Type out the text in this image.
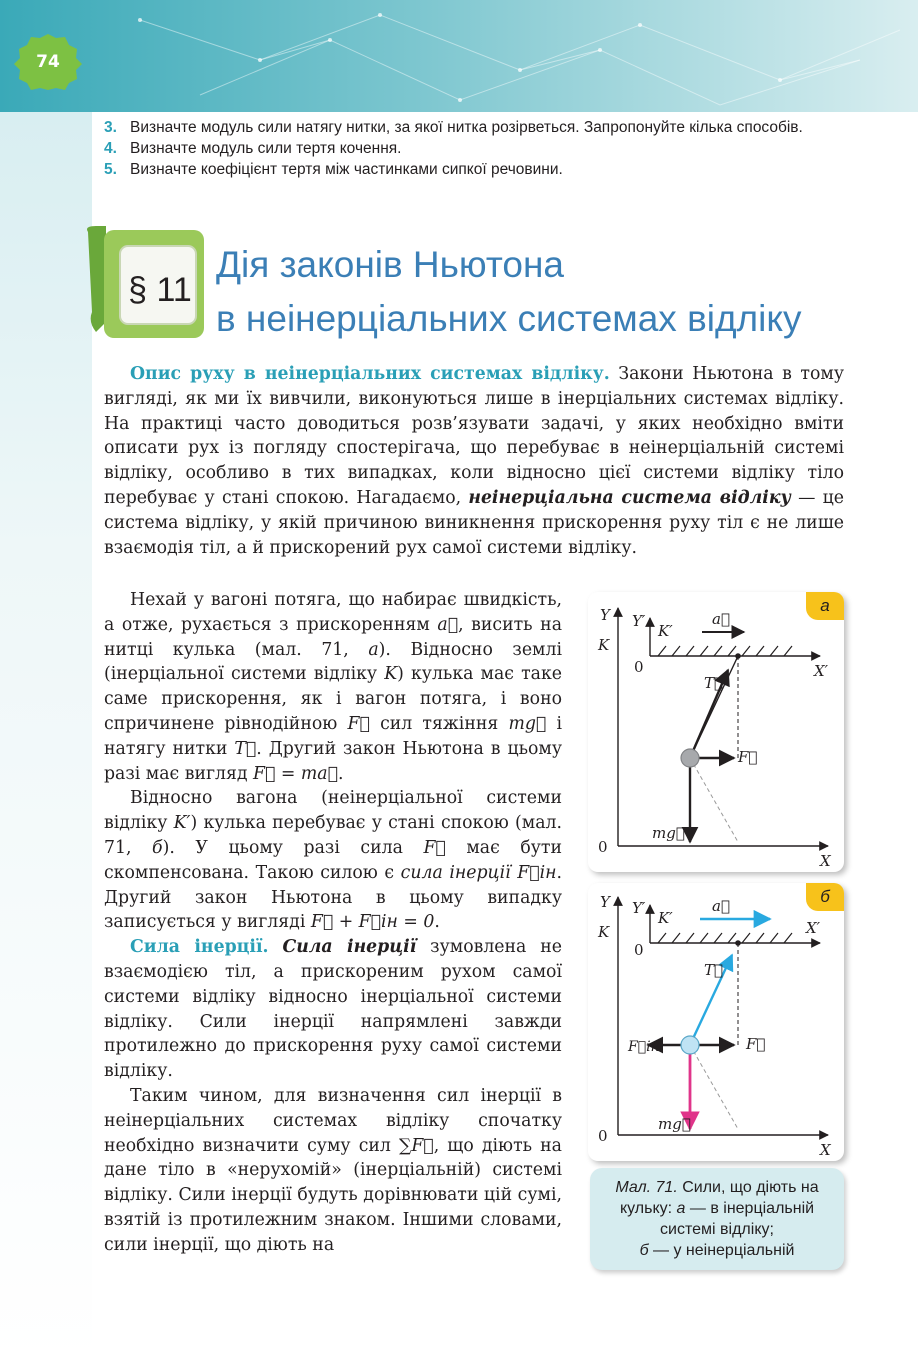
74
3. Визначте модуль сили натягу нитки, за якої нитка розірветься. Запропонуйте кілька способів.
4. Визначте модуль сили тертя кочення.
5. Визначте коефіцієнт тертя між частинками сипкої речовини.
§ 11
Дія законів Ньютона
в неінерціальних системах відліку

Опис руху в неінерціальних системах відліку. Закони Ньютона в тому вигляді, як ми їх вивчили, виконуються лише в інерціальних системах відліку. На практиці часто доводиться розв’язувати задачі, у яких необхідно вміти описати рух із погляду спостерігача, що перебуває в неінерціальній системі відліку, особливо в тих випадках, коли відносно цієї системи відліку тіло перебуває у стані спокою. Нагадаємо, неінерціальна система відліку — це система відліку, у якій причиною виникнення прискорення руху тіл є не лише взаємодія тіл, а й прискорений рух самої системи відліку.

Нехай у вагоні потяга, що набирає швидкість, а отже, рухається з прискоренням a⃗, висить на нитці кулька (мал. 71, а). Відносно землі (інерціальної системи відліку K) кулька має таке саме прискорення, як і вагон потяга, і воно спричинене рівнодійною F⃗ сил тяжіння mg⃗ і натягу нитки T⃗. Другий закон Ньютона в цьому разі має вигляд F⃗ = ma⃗.

Відносно вагона (неінерціальної системи відліку K′) кулька перебуває у стані спокою (мал. 71, б). У цьому разі сила F⃗ має бути скомпенсована. Такою силою є сила інерції F⃗ін. Другий закон Ньютона в цьому випадку записується у вигляді F⃗ + F⃗ін = 0.

Сила інерції. Сила інерції зумовлена не взаємодією тіл, а прискореним рухом самої системи відліку відносно інерціальної системи відліку. Сили інерції напрямлені завжди протилежно до прискорення руху самої системи відліку.

Таким чином, для визначення сил інерції в неінерціальних системах відліку спочатку необхідно визначити суму сил ∑F⃗, що діють на дане тіло в «нерухомій» (інерціальній) системі відліку. Сили інерції будуть дорівнювати цій сумі, взятій із протилежним знаком. Іншими словами, сили інерції, що діють на

Y
K
Y′
K′
a⃗
0	X′
T⃗
F⃗
mg⃗
0
X
а
Y
K
Y′
K′
a⃗
0
X′
T⃗
F⃗
F⃗ін
mg⃗
0
X
б
Мал. 71. Сили, що діють на кульку: а — в інерціальній системі відліку;
б — у неінерціальній
